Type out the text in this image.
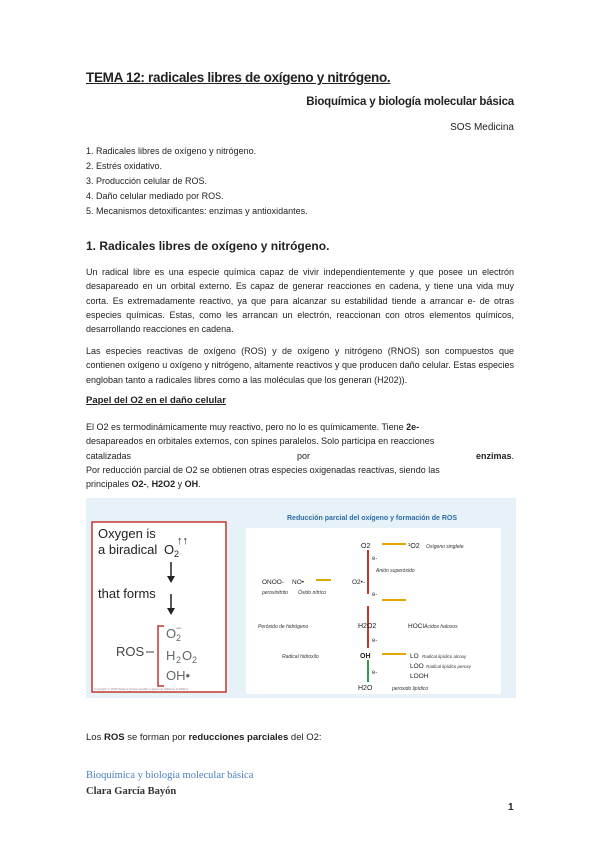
TEMA 12: radicales libres de oxígeno y nitrógeno.
Bioquímica y biología molecular básica
SOS Medicina
1. Radicales libres de oxígeno y nitrógeno.
2. Estrés oxidativo.
3. Producción celular de ROS.
4. Daño celular mediado por ROS.
5. Mecanismos detoxificantes: enzimas y antioxidantes.
1. Radicales libres de oxígeno y nitrógeno.
Un radical libre es una especie química capaz de vivir independientemente y que posee un electrón desapareado en un orbital externo. Es capaz de generar reacciones en cadena, y tiene una vida muy corta. Es extremadamente reactivo, ya que para alcanzar su estabilidad tiende a arrancar e- de otras especies químicas. Estas, como les arrancan un electrón, reaccionan con otros elementos químicos, desarrollando reacciones en cadena.
Las especies reactivas de oxígeno (ROS) y de oxígeno y nitrógeno (RNOS) son compuestos que contienen oxígeno u oxígeno y nitrógeno, altamente reactivos y que producen daño celular. Estas especies engloban tanto a radicales libres como a las moléculas que los generan (H202)).
Papel del O2 en el daño celular
El O2 es termodinámicamente muy reactivo, pero no lo es químicamente. Tiene 2e-
desapareados en orbitales externos, con spines paralelos. Solo participa en reacciones
catalizadas	por	enzimas.
Por reducción parcial de O2 se obtienen otras especies oxigenadas reactivas, siendo las
principales O2-, H2O2 y OH.
Oxygen is
a biradical O 2
↑↑
that forms
ROS
O 2
−
H 2 O 2
OH•
Copyright © 2005 Wolters Kluwer Health | Lippincott Williams & Wilkins
Reducción parcial del oxígeno y formación de ROS
O2	¹O2 Oxígeno singlete
e-
O2•-
Anión superóxido
ONOO- NO•
peroxinitrito Óxido nítrico	e-
H2O2
Peróxido de hidrógeno	HOCl Ácidos halosos
e-
Radical hidroxilo	OH	LO Radical lipídico alcoxy
LOO Radical lipídico peroxy
LOOH
e-
H2O	peroxido lipídico
Los ROS se forman por reducciones parciales del O2:
Bioquímica y biología molecular básica
Clara García Bayón
1
